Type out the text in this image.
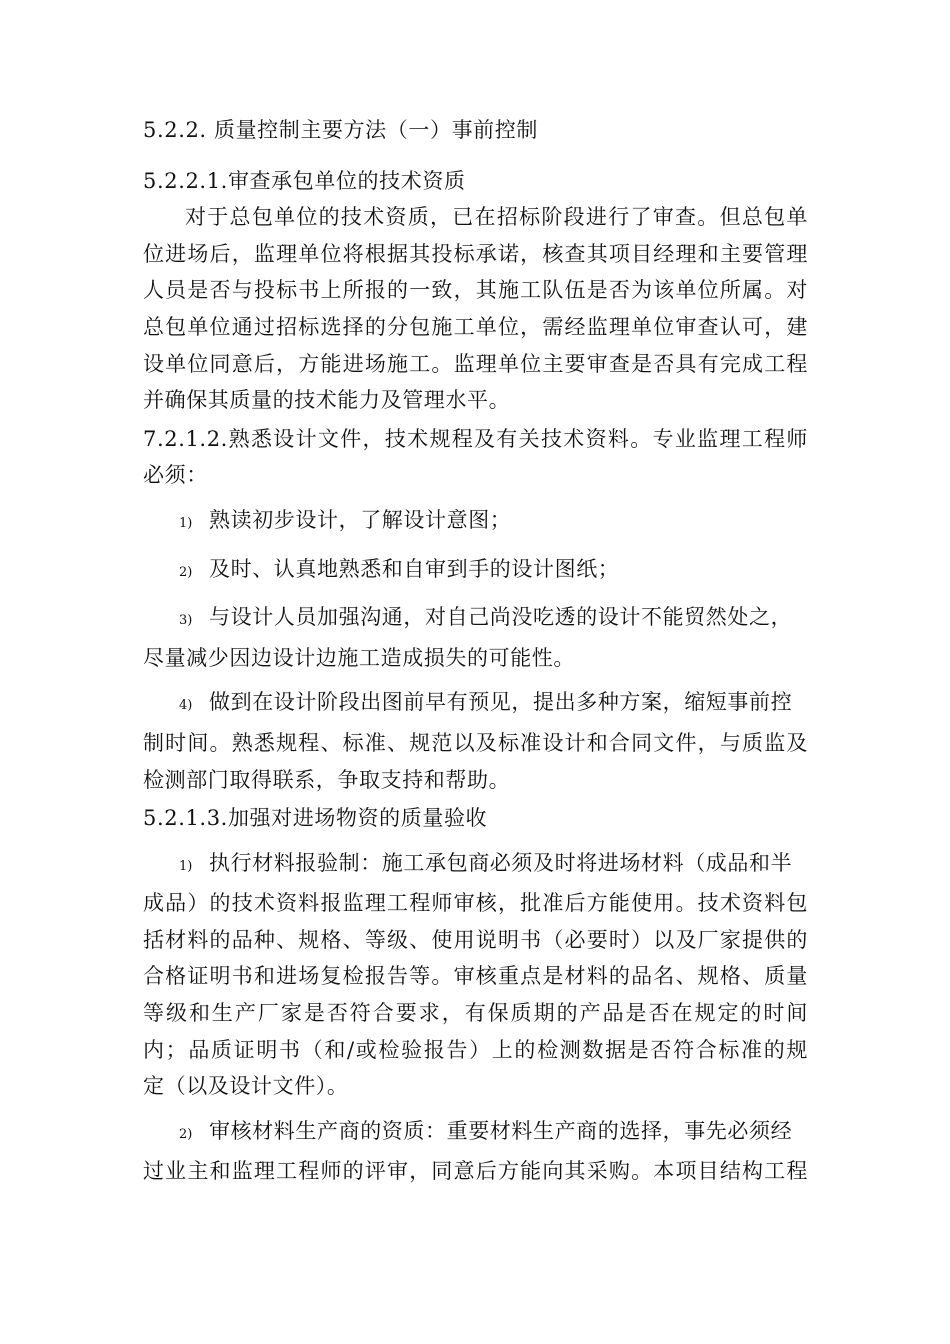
5.2.2. 质量控制主要方法（一）事前控制

5.2.2.1.审查承包单位的技术资质

对于总包单位的技术资质，已在招标阶段进行了审查。但总包单

位进场后，监理单位将根据其投标承诺，核查其项目经理和主要管理

人员是否与投标书上所报的一致，其施工队伍是否为该单位所属。对

总包单位通过招标选择的分包施工单位，需经监理单位审查认可，建

设单位同意后，方能进场施工。监理单位主要审查是否具有完成工程

并确保其质量的技术能力及管理水平。

7.2.1.2.熟悉设计文件，技术规程及有关技术资料。专业监理工程师

必须：

1) 熟读初步设计，了解设计意图；

2) 及时、认真地熟悉和自审到手的设计图纸；

3) 与设计人员加强沟通，对自己尚没吃透的设计不能贸然处之，

尽量减少因边设计边施工造成损失的可能性。

4) 做到在设计阶段出图前早有预见，提出多种方案，缩短事前控

制时间。熟悉规程、标准、规范以及标准设计和合同文件，与质监及

检测部门取得联系，争取支持和帮助。

5.2.1.3.加强对进场物资的质量验收

1) 执行材料报验制：施工承包商必须及时将进场材料（成品和半

成品）的技术资料报监理工程师审核，批准后方能使用。技术资料包

括材料的品种、规格、等级、使用说明书（必要时）以及厂家提供的

合格证明书和进场复检报告等。审核重点是材料的品名、规格、质量

等级和生产厂家是否符合要求，有保质期的产品是否在规定的时间

内；品质证明书（和/或检验报告）上的检测数据是否符合标准的规

定（以及设计文件）。

2) 审核材料生产商的资质：重要材料生产商的选择，事先必须经

过业主和监理工程师的评审，同意后方能向其采购。本项目结构工程
